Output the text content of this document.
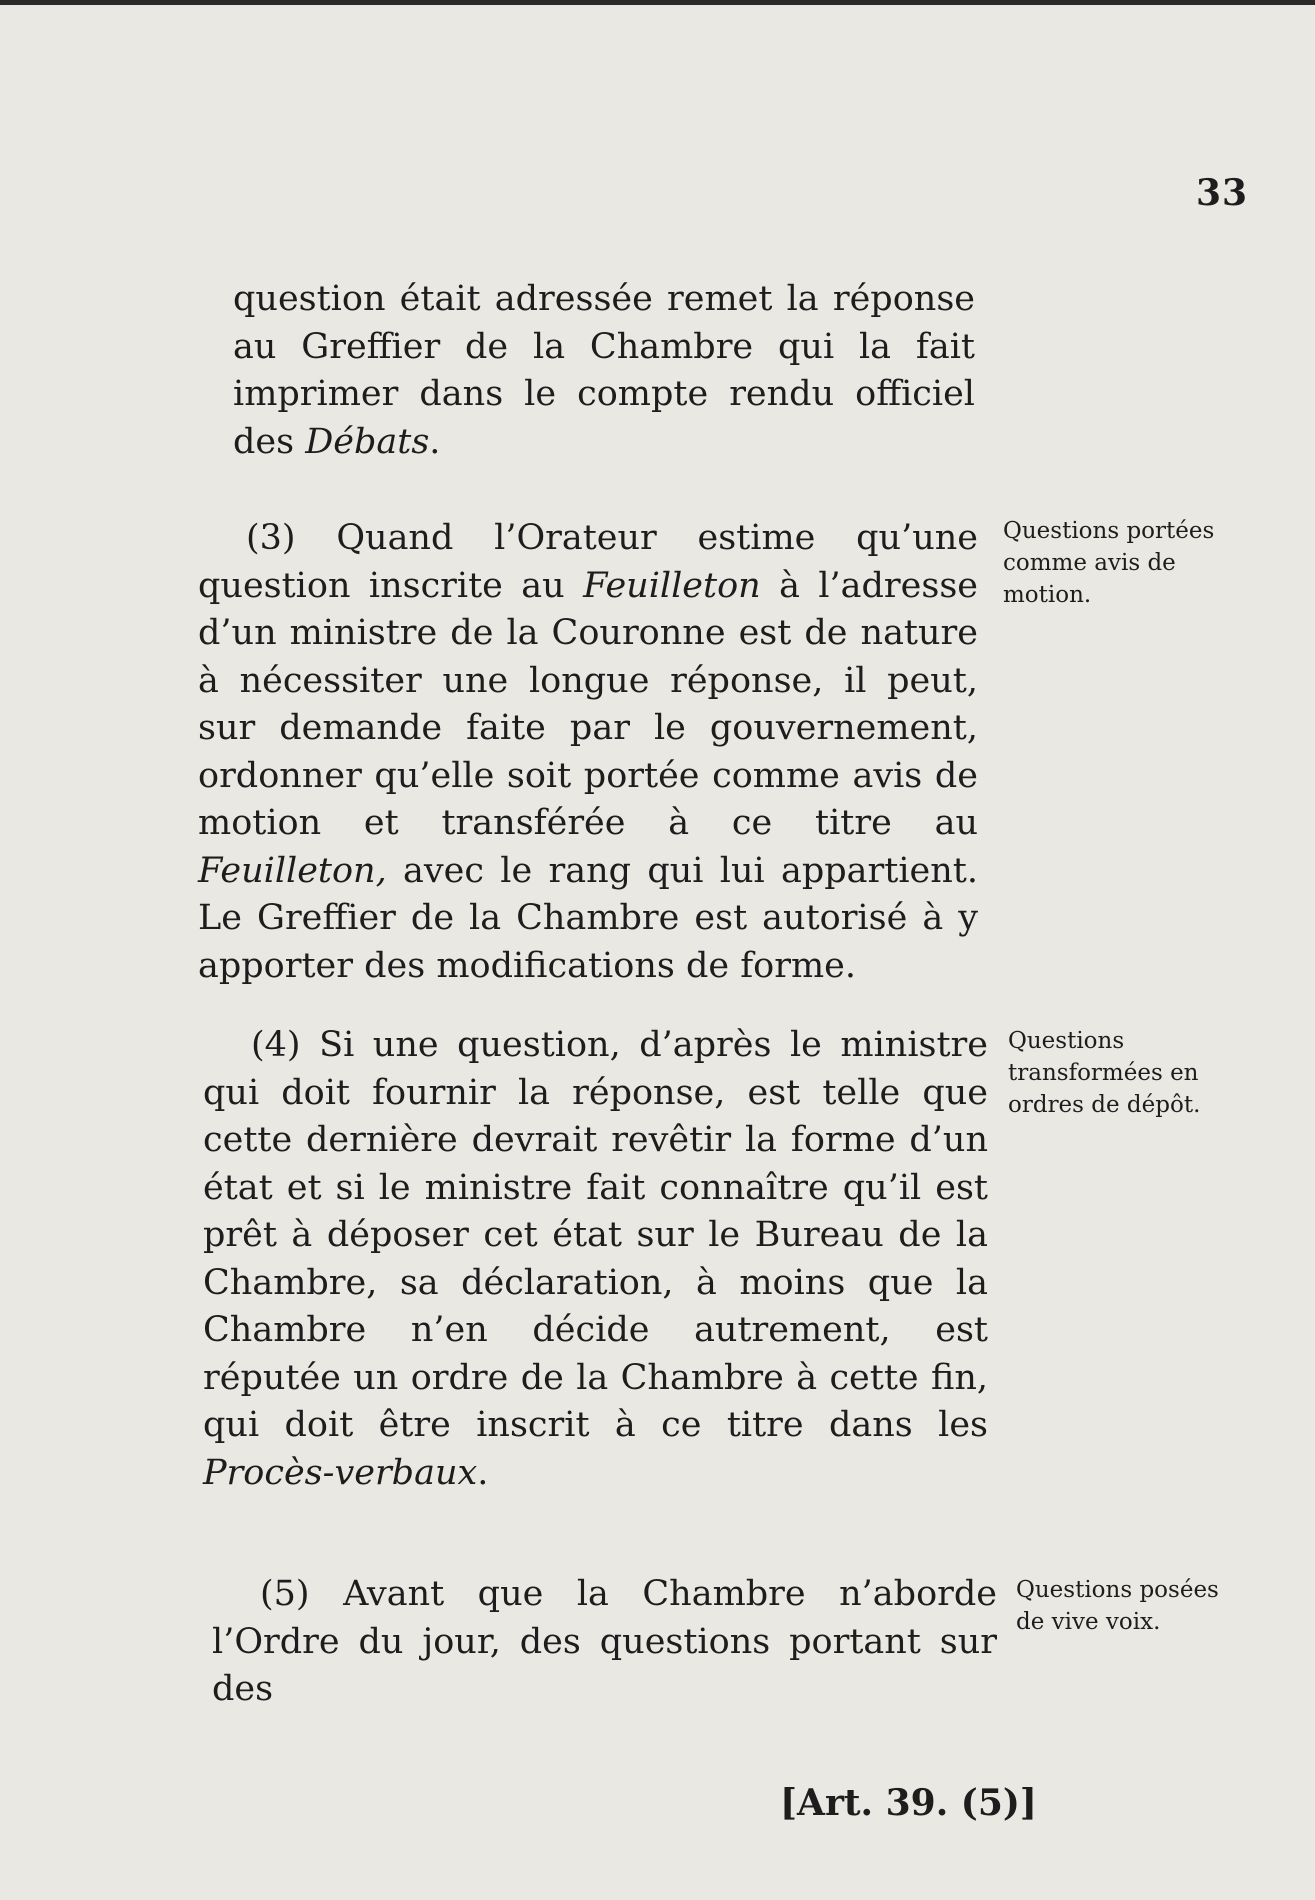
33

question était adressée remet la réponse au Greffier de la Chambre qui la fait imprimer dans le compte rendu officiel des Débats.

(3) Quand l’Orateur estime qu’une question inscrite au Feuilleton à l’adresse d’un ministre de la Couronne est de nature à nécessiter une longue réponse, il peut, sur demande faite par le gouvernement, ordonner qu’elle soit portée comme avis de motion et transférée à ce titre au Feuilleton, avec le rang qui lui appartient. Le Greffier de la Chambre est autorisé à y apporter des modifications de forme.

(4) Si une question, d’après le ministre qui doit fournir la réponse, est telle que cette dernière devrait revêtir la forme d’un état et si le ministre fait connaître qu’il est prêt à déposer cet état sur le Bureau de la Chambre, sa déclaration, à moins que la Chambre n’en décide autrement, est réputée un ordre de la Chambre à cette fin, qui doit être inscrit à ce titre dans les Procès-verbaux.

(5) Avant que la Chambre n’aborde l’Ordre du jour, des questions portant sur des

Questions portées comme avis de motion.
Questions transformées en ordres de dépôt.
Questions posées de vive voix.
[Art. 39. (5)]
